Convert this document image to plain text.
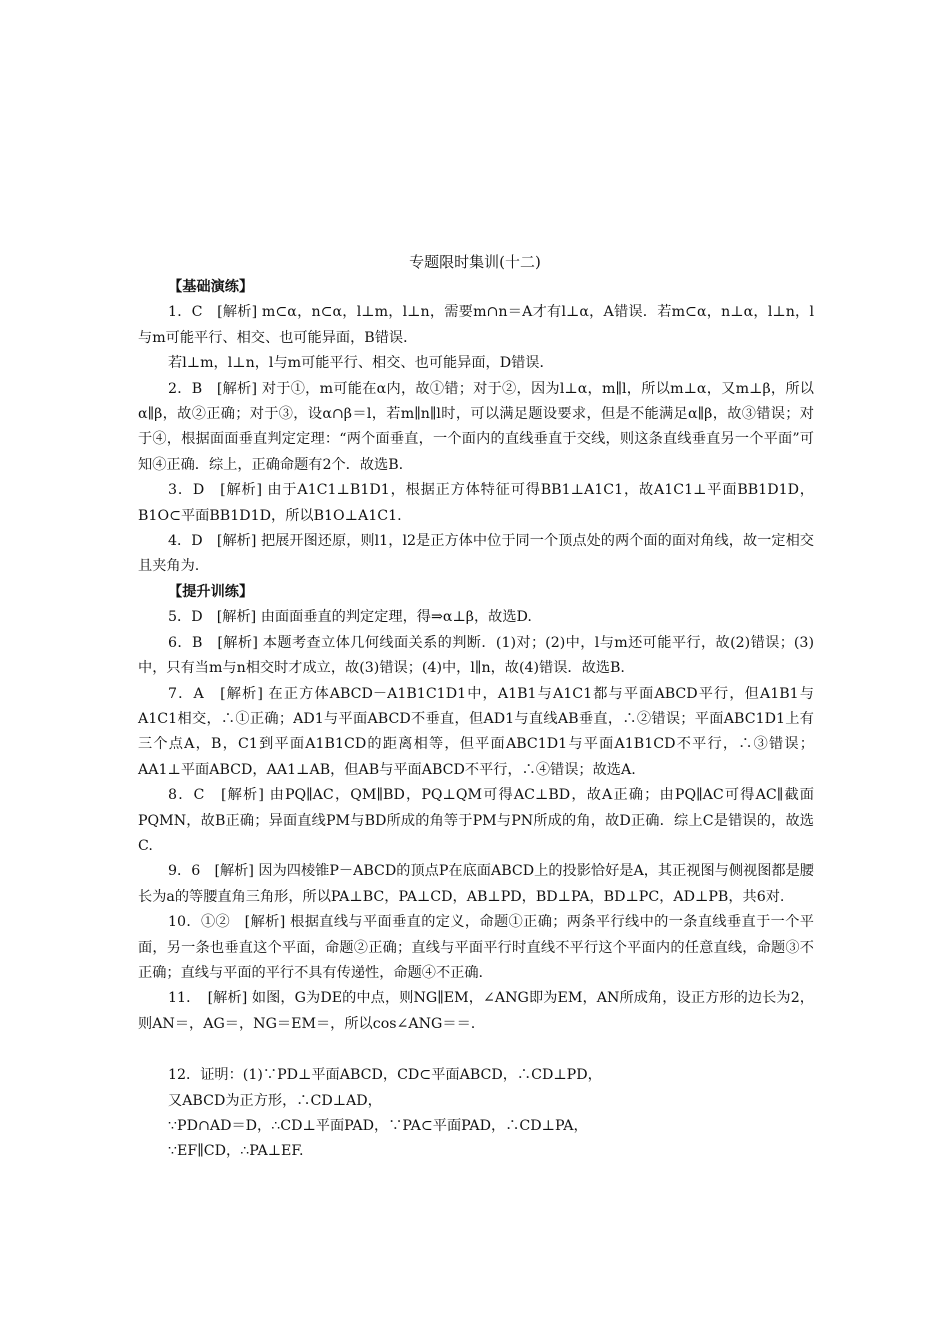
专题限时集训(十二)

【基础演练】

1．C　[解析] m⊂α，n⊂α，l⊥m，l⊥n，需要m∩n＝A才有l⊥α，A错误．若m⊂α，n⊥α，l⊥n，l与m可能平行、相交、也可能异面，B错误．

若l⊥m，l⊥n，l与m可能平行、相交、也可能异面，D错误．

2．B　[解析] 对于①，m可能在α内，故①错；对于②，因为l⊥α，m∥l，所以m⊥α，又m⊥β，所以α∥β，故②正确；对于③，设α∩β＝l，若m∥n∥l时，可以满足题设要求，但是不能满足α∥β，故③错误；对于④，根据面面垂直判定定理：“两个面垂直，一个面内的直线垂直于交线，则这条直线垂直另一个平面”可知④正确．综上，正确命题有2个．故选B.

3．D　[解析] 由于A1C1⊥B1D1，根据正方体特征可得BB1⊥A1C1，故A1C1⊥平面BB1D1D，B1O⊂平面BB1D1D，所以B1O⊥A1C1.

4．D　[解析] 把展开图还原，则l1，l2是正方体中位于同一个顶点处的两个面的面对角线，故一定相交且夹角为.

【提升训练】

5．D　[解析] 由面面垂直的判定定理，得⇒α⊥β，故选D.

6．B　[解析] 本题考查立体几何线面关系的判断．(1)对；(2)中，l与m还可能平行，故(2)错误；(3)中，只有当m与n相交时才成立，故(3)错误；(4)中，l∥n，故(4)错误．故选B.

7．A　[解析] 在正方体ABCD－A1B1C1D1中，A1B1与A1C1都与平面ABCD平行，但A1B1与A1C1相交，∴①正确；AD1与平面ABCD不垂直，但AD1与直线AB垂直，∴②错误；平面ABC1D1上有三个点A，B，C1到平面A1B1CD的距离相等，但平面ABC1D1与平面A1B1CD不平行，∴③错误；AA1⊥平面ABCD，AA1⊥AB，但AB与平面ABCD不平行，∴④错误；故选A.

8．C　[解析] 由PQ∥AC，QM∥BD，PQ⊥QM可得AC⊥BD，故A正确；由PQ∥AC可得AC∥截面PQMN，故B正确；异面直线PM与BD所成的角等于PM与PN所成的角，故D正确．综上C是错误的，故选C.

9．6　[解析] 因为四棱锥P－ABCD的顶点P在底面ABCD上的投影恰好是A，其正视图与侧视图都是腰长为a的等腰直角三角形，所以PA⊥BC，PA⊥CD，AB⊥PD，BD⊥PA，BD⊥PC，AD⊥PB，共6对.

10．①②　[解析] 根据直线与平面垂直的定义，命题①正确；两条平行线中的一条直线垂直于一个平面，另一条也垂直这个平面，命题②正确；直线与平面平行时直线不平行这个平面内的任意直线，命题③不正确；直线与平面的平行不具有传递性，命题④不正确.

11．　[解析] 如图，G为DE的中点，则NG∥EM，∠ANG即为EM，AN所成角，设正方形的边长为2，则AN＝，AG＝，NG＝EM＝，所以cos∠ANG＝＝.

12．证明：(1)∵PD⊥平面ABCD，CD⊂平面ABCD，∴CD⊥PD，

又ABCD为正方形，∴CD⊥AD，

∵PD∩AD＝D，∴CD⊥平面PAD，∵PA⊂平面PAD，∴CD⊥PA，

∵EF∥CD，∴PA⊥EF.
